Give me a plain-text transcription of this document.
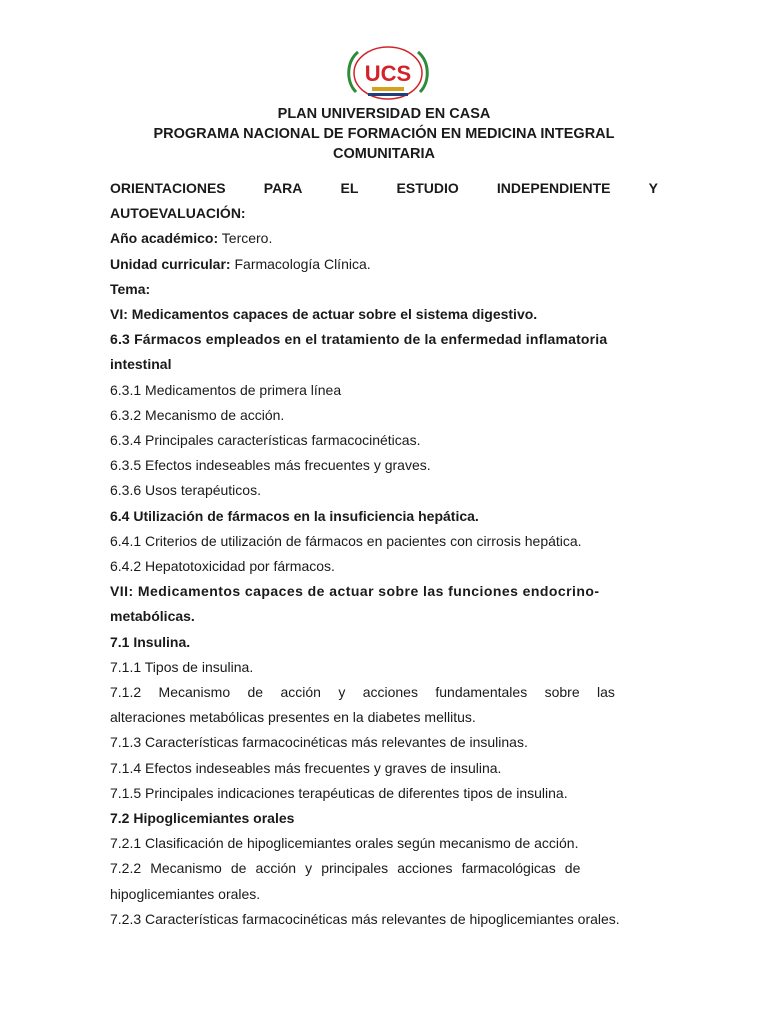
UCS
PLAN UNIVERSIDAD EN CASA
PROGRAMA NACIONAL DE FORMACIÓN EN MEDICINA INTEGRAL
COMUNITARIA
ORIENTACIONES	PARA	EL	ESTUDIO	INDEPENDIENTE	Y
AUTOEVALUACIÓN:
Año académico: Tercero.
Unidad curricular: Farmacología Clínica.
Tema:
VI: Medicamentos capaces de actuar sobre el sistema digestivo.
6.3 Fármacos empleados en el tratamiento de la enfermedad inflamatoria
intestinal
6.3.1 Medicamentos de primera línea
6.3.2 Mecanismo de acción.
6.3.4 Principales características farmacocinéticas.
6.3.5 Efectos indeseables más frecuentes y graves.
6.3.6 Usos terapéuticos.
6.4 Utilización de fármacos en la insuficiencia hepática.
6.4.1 Criterios de utilización de fármacos en pacientes con cirrosis hepática.
6.4.2 Hepatotoxicidad por fármacos.
VII: Medicamentos capaces de actuar sobre las funciones endocrino-
metabólicas.
7.1 Insulina.
7.1.1 Tipos de insulina.
7.1.2 Mecanismo de acción y acciones fundamentales sobre las
alteraciones metabólicas presentes en la diabetes mellitus.
7.1.3 Características farmacocinéticas más relevantes de insulinas.
7.1.4 Efectos indeseables más frecuentes y graves de insulina.
7.1.5 Principales indicaciones terapéuticas de diferentes tipos de insulina.
7.2 Hipoglicemiantes orales
7.2.1 Clasificación de hipoglicemiantes orales según mecanismo de acción.
7.2.2 Mecanismo de acción y principales acciones farmacológicas de
hipoglicemiantes orales.
7.2.3 Características farmacocinéticas más relevantes de hipoglicemiantes orales.
